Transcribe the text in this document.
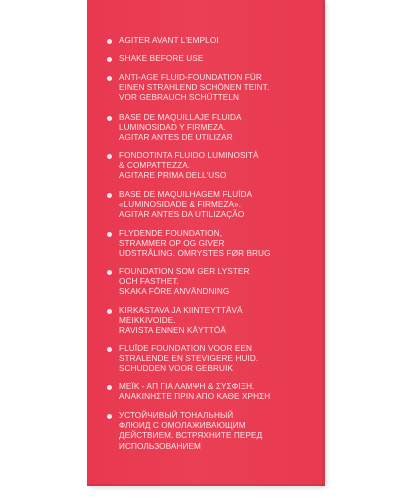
AGITER AVANT L'EMPLOI
SHAKE BEFORE USE
ANTI-AGE FLUID-FOUNDATION FÜR
EINEN STRAHLEND SCHÖNEN TEINT.
VOR GEBRAUCH SCHÜTTELN
BASE DE MAQUILLAJE FLUIDA
LUMINOSIDAD Y FIRMEZA.
AGITAR ANTES DE UTILIZAR
FONDOTINTA FLUIDO LUMINOSITÀ
& COMPATTEZZA.
AGITARE PRIMA DELL'USO
BASE DE MAQUILHAGEM FLUÍDA
«LUMINOSIDADE & FIRMEZA».
AGITAR ANTES DA UTILIZAÇÃO
FLYDENDE FOUNDATION,
STRAMMER OP OG GIVER
UDSTRÅLING. OMRYSTES FØR BRUG
FOUNDATION SOM GER LYSTER
OCH FASTHET.
SKAKA FÖRE ANVÄNDNING
KIRKASTAVA JA KIINTEYTTÄVÄ
MEIKKIVOIDE.
RAVISTA ENNEN KÄYTTÖÄ
FLUÏDE FOUNDATION VOOR EEN
STRALENDE EN STEVIGERE HUID.
SCHUDDEN VOOR GEBRUIK
ΜΕΪΚ - ΑΠ ΓΙΑ ΛΑΜΨΗ & ΣΥΣΦΙΞΗ.
ΑΝΑΚΙΝΗΣΤΕ ΠΡΙΝ ΑΠΟ ΚΑΘΕ ΧΡΗΣΗ
УСТОЙЧИВЫЙ ТОНАЛЬНЫЙ
ФЛЮИД С ОМОЛАЖИВАЮЩИМ
ДЕЙСТВИЕМ. ВСТРЯХНИТЕ ПЕРЕД
ИСПОЛЬЗОВАНИЕМ
